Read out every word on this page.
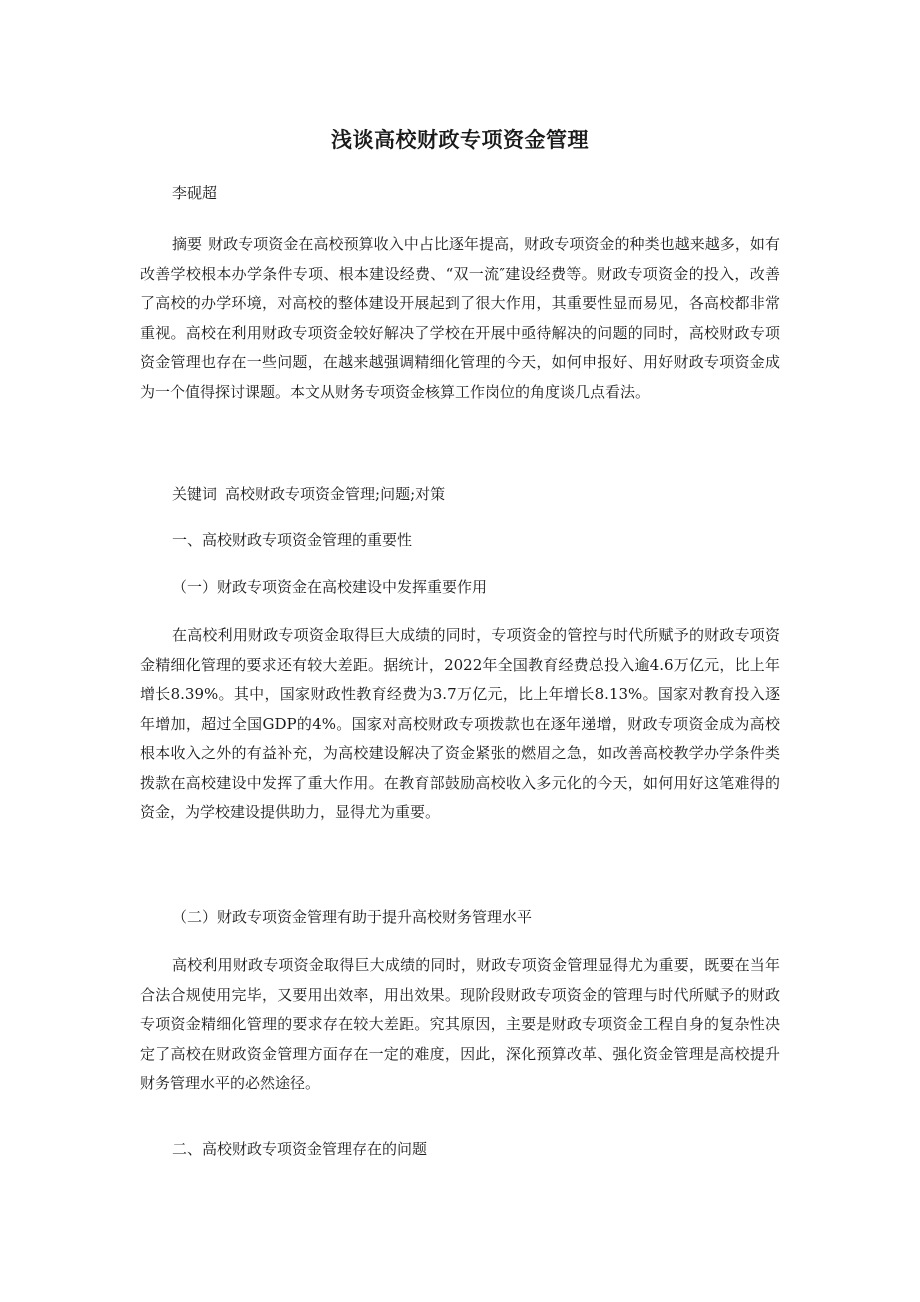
浅谈高校财政专项资金管理
李砚超

摘要 财政专项资金在高校预算收入中占比逐年提高，财政专项资金的种类也越来越多，如有改善学校根本办学条件专项、根本建设经费、“双一流″建设经费等。财政专项资金的投入，改善了高校的办学环境，对高校的整体建设开展起到了很大作用，其重要性显而易见，各高校都非常重视。高校在利用财政专项资金较好解决了学校在开展中亟待解决的问题的同时，高校财政专项资金管理也存在一些问题，在越来越强调精细化管理的今天，如何申报好、用好财政专项资金成为一个值得探讨课题。本文从财务专项资金核算工作岗位的角度谈几点看法。

关键词 高校财政专项资金管理;问题;对策
一、高校财政专项资金管理的重要性
（一）财政专项资金在高校建设中发挥重要作用

在高校利用财政专项资金取得巨大成绩的同时，专项资金的管控与时代所赋予的财政专项资金精细化管理的要求还有较大差距。据统计，2022年全国教育经费总投入逾4.6万亿元，比上年增长8.39%。其中，国家财政性教育经费为3.7万亿元，比上年增长8.13%。国家对教育投入逐年增加，超过全国GDP的4%。国家对高校财政专项拨款也在逐年递增，财政专项资金成为高校根本收入之外的有益补充，为高校建设解决了资金紧张的燃眉之急，如改善高校教学办学条件类拨款在高校建设中发挥了重大作用。在教育部鼓励高校收入多元化的今天，如何用好这笔难得的资金，为学校建设提供助力，显得尤为重要。

（二）财政专项资金管理有助于提升高校财务管理水平

高校利用财政专项资金取得巨大成绩的同时，财政专项资金管理显得尤为重要，既要在当年合法合规使用完毕，又要用出效率，用出效果。现阶段财政专项资金的管理与时代所赋予的财政专项资金精细化管理的要求存在较大差距。究其原因，主要是财政专项资金工程自身的复杂性决定了高校在财政资金管理方面存在一定的难度，因此，深化预算改革、强化资金管理是高校提升财务管理水平的必然途径。

二、高校财政专项资金管理存在的问题
